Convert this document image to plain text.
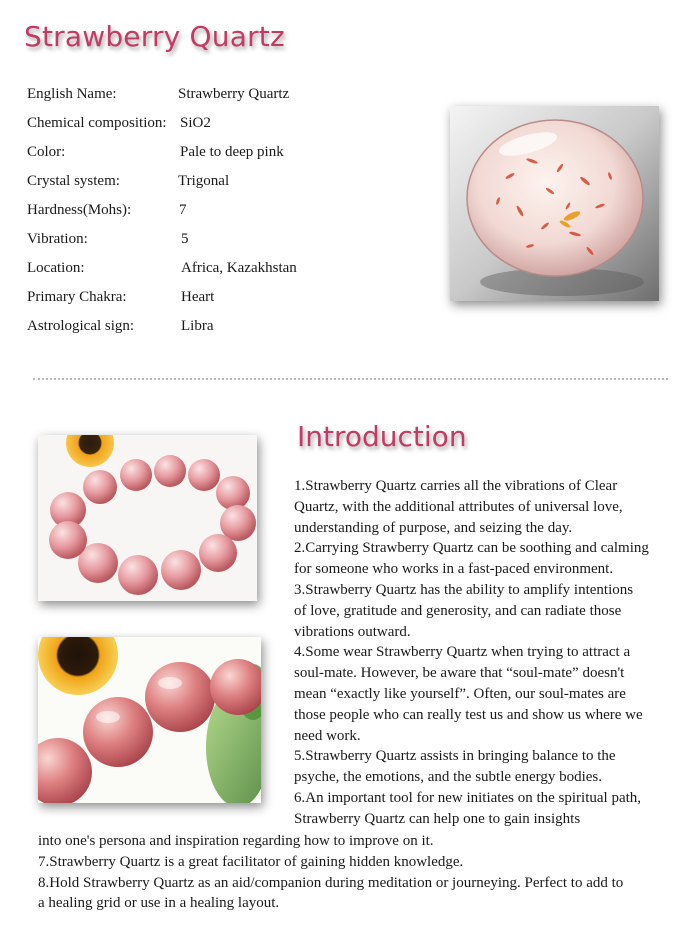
Strawberry Quartz
English Name:	Strawberry Quartz
Chemical composition: SiO2
Color:	Pale to deep pink
Crystal system:	Trigonal
Hardness(Mohs):	7
Vibration:	5
Location:	Africa, Kazakhstan
Primary Chakra:	Heart
Astrological sign:	Libra
Introduction
1.Strawberry Quartz carries all the vibrations of Clear
Quartz, with the additional attributes of universal love,
understanding of purpose, and seizing the day.
2.Carrying Strawberry Quartz can be soothing and calming
for someone who works in a fast-paced environment.
3.Strawberry Quartz has the ability to amplify intentions
of love, gratitude and generosity, and can radiate those
vibrations outward.
4.Some wear Strawberry Quartz when trying to attract a
soul-mate. However, be aware that “soul-mate” doesn't
mean “exactly like yourself”. Often, our soul-mates are
those people who can really test us and show us where we
need work.
5.Strawberry Quartz assists in bringing balance to the
psyche, the emotions, and the subtle energy bodies.
6.An important tool for new initiates on the spiritual path,
Strawberry Quartz can help one to gain insights
into one's persona and inspiration regarding how to improve on it.
7.Strawberry Quartz is a great facilitator of gaining hidden knowledge.
8.Hold Strawberry Quartz as an aid/companion during meditation or journeying. Perfect to add to
a healing grid or use in a healing layout.
